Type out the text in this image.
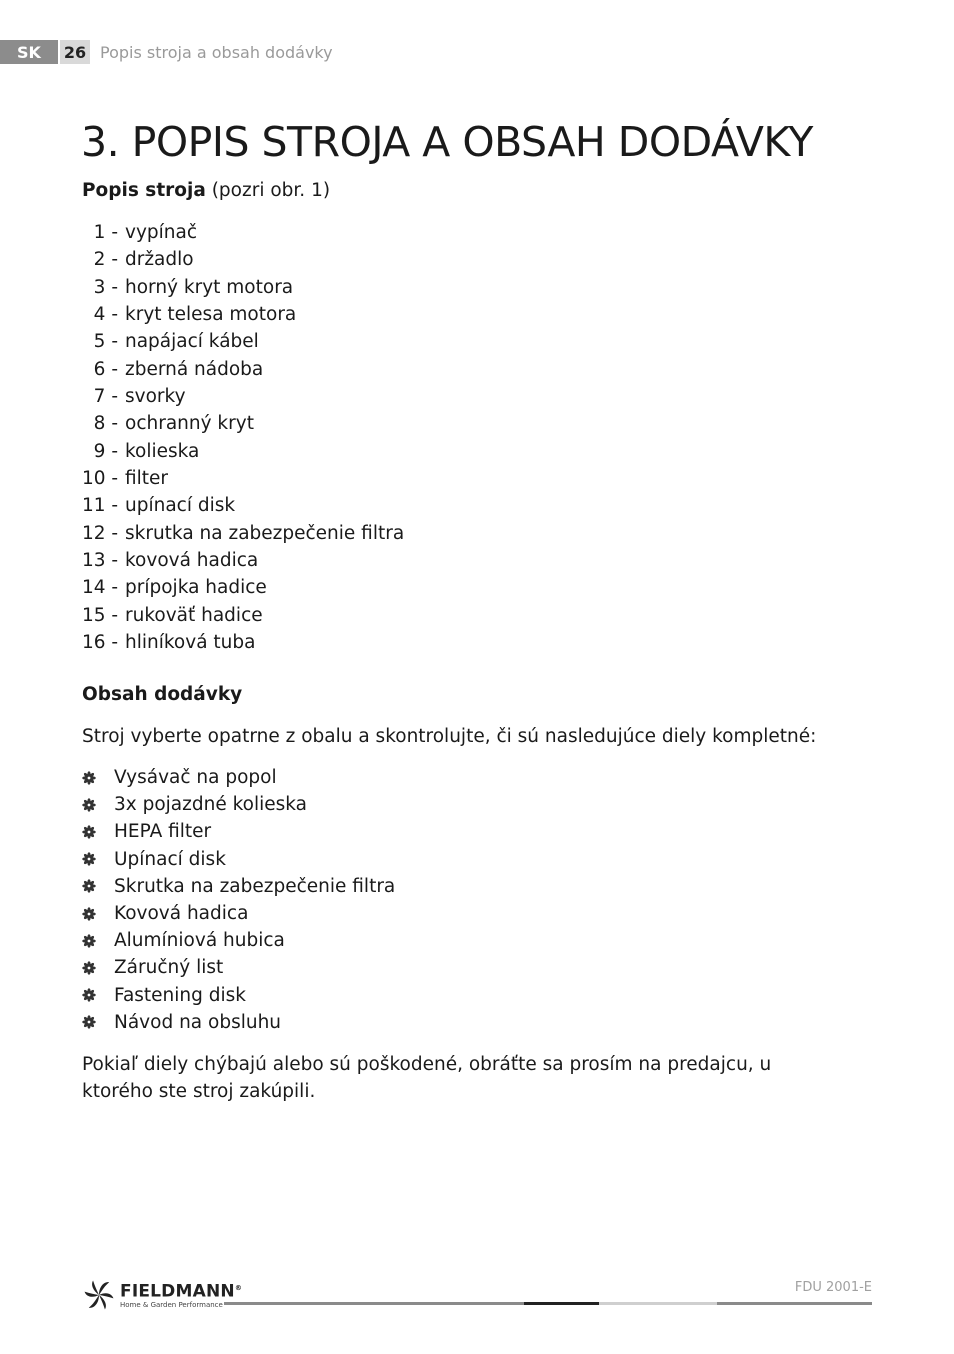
SK	26 Popis stroja a obsah dodávky
3. POPIS STROJA A OBSAH DODÁVKY
Popis stroja (pozri obr. 1)
1 - vypínač
2 - držadlo
3 - horný kryt motora
4 - kryt telesa motora
5 - napájací kábel
6 - zberná nádoba
7 - svorky
8 - ochranný kryt
9 - kolieska
10 - filter
11 - upínací disk
12 - skrutka na zabezpečenie filtra
13 - kovová hadica
14 - prípojka hadice
15 - rukoväť hadice
16 - hliníková tuba
Obsah dodávky
Stroj vyberte opatrne z obalu a skontrolujte, či sú nasledujúce diely kompletné:
Vysávač na popol
3x pojazdné kolieska
HEPA filter
Upínací disk
Skrutka na zabezpečenie filtra
Kovová hadica
Alumíniová hubica
Záručný list
Fastening disk
Návod na obsluhu
Pokiaľ diely chýbajú alebo sú poškodené, obráťte sa prosím na predajcu, u ktorého ste stroj zakúpili.
FIELDMANN®
Home & Garden Performance
FDU 2001-E
